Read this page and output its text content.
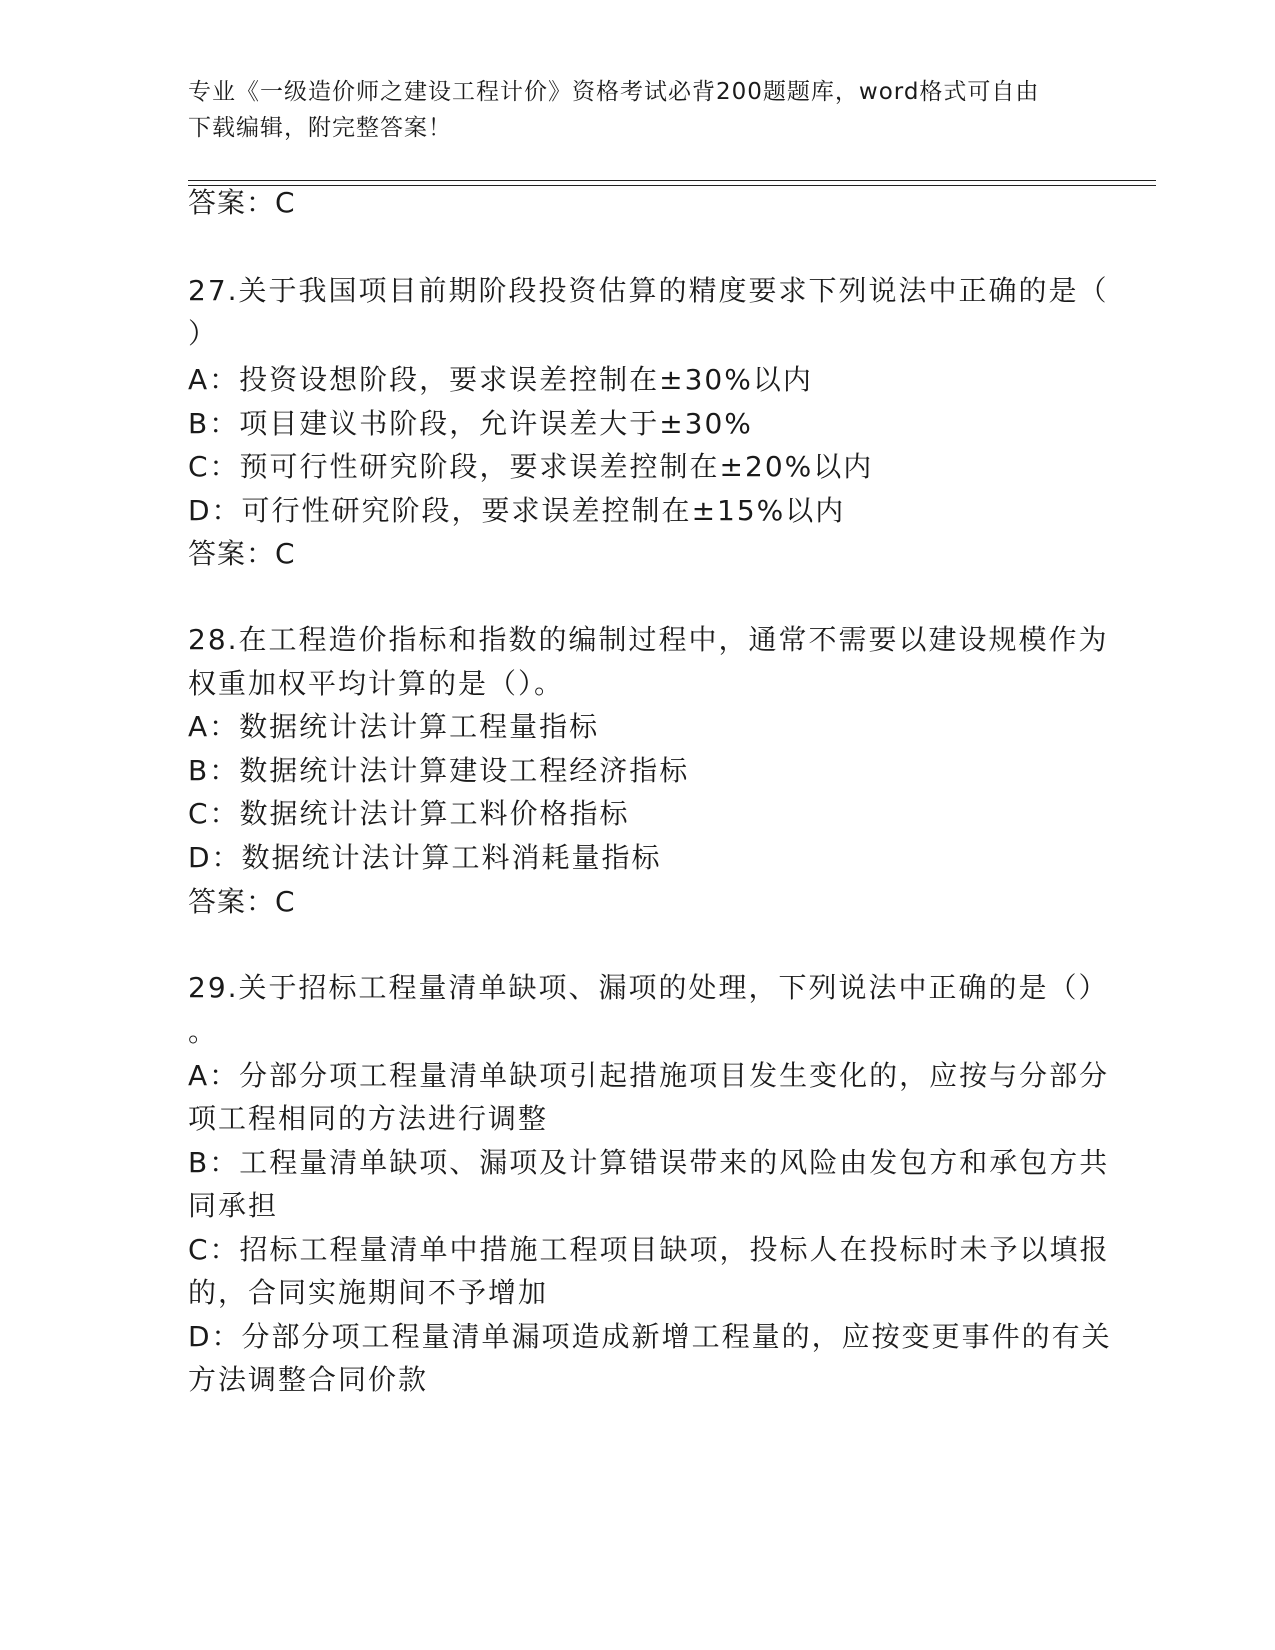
专业《一级造价师之建设工程计价》资格考试必背200题题库，word格式可自由
下载编辑，附完整答案！
答案：C
27.关于我国项目前期阶段投资估算的精度要求下列说法中正确的是（
）
A：投资设想阶段，要求误差控制在±30%以内
B：项目建议书阶段，允许误差大于±30%
C：预可行性研究阶段，要求误差控制在±20%以内
D：可行性研究阶段，要求误差控制在±15%以内
答案：C
28.在工程造价指标和指数的编制过程中，通常不需要以建设规模作为
权重加权平均计算的是（）。
A：数据统计法计算工程量指标
B：数据统计法计算建设工程经济指标
C：数据统计法计算工料价格指标
D：数据统计法计算工料消耗量指标
答案：C
29.关于招标工程量清单缺项、漏项的处理，下列说法中正确的是（）
。
A：分部分项工程量清单缺项引起措施项目发生变化的，应按与分部分
项工程相同的方法进行调整
B：工程量清单缺项、漏项及计算错误带来的风险由发包方和承包方共
同承担
C：招标工程量清单中措施工程项目缺项，投标人在投标时未予以填报
的，合同实施期间不予增加
D：分部分项工程量清单漏项造成新增工程量的，应按变更事件的有关
方法调整合同价款
